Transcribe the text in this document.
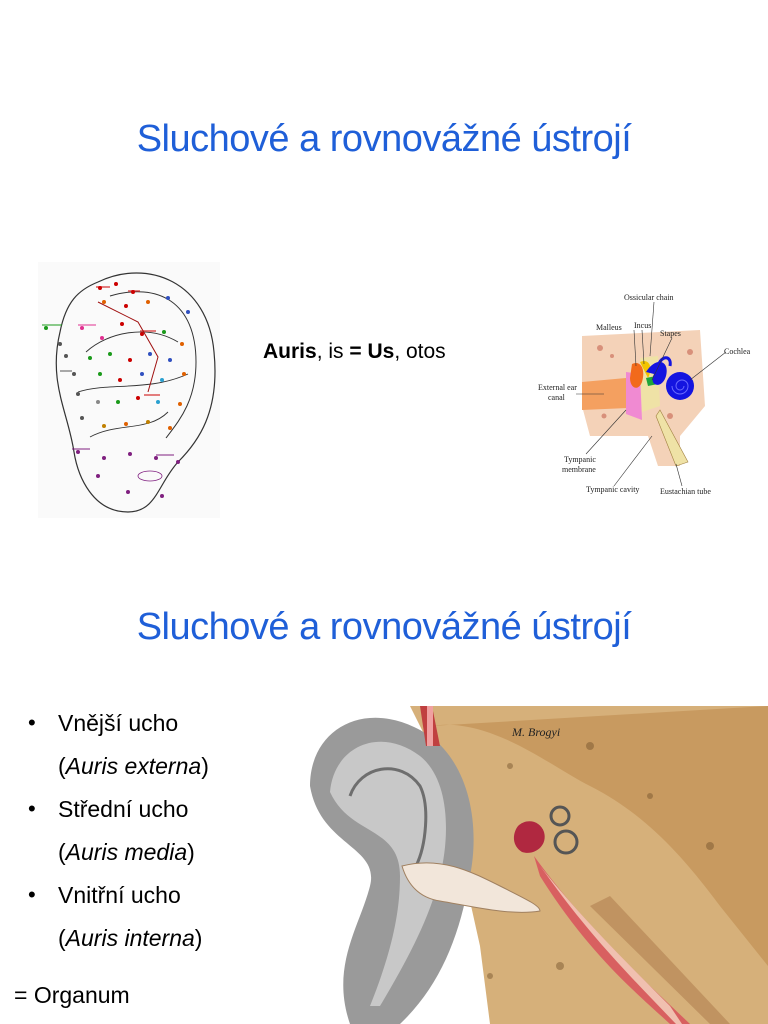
Sluchové a rovnovážné ústrojí
Auris, is = Us, otos
Ossicular chain
Malleus Incus
Stapes
Cochlea
External ear
canal
Tympanic
membrane
Tympanic cavity	Eustachian tube
Sluchové a rovnovážné ústrojí
• Vnější ucho
(Auris externa)
• Střední ucho
(Auris media)
• Vnitřní ucho
(Auris interna)
= Organum
M. Brogyi
